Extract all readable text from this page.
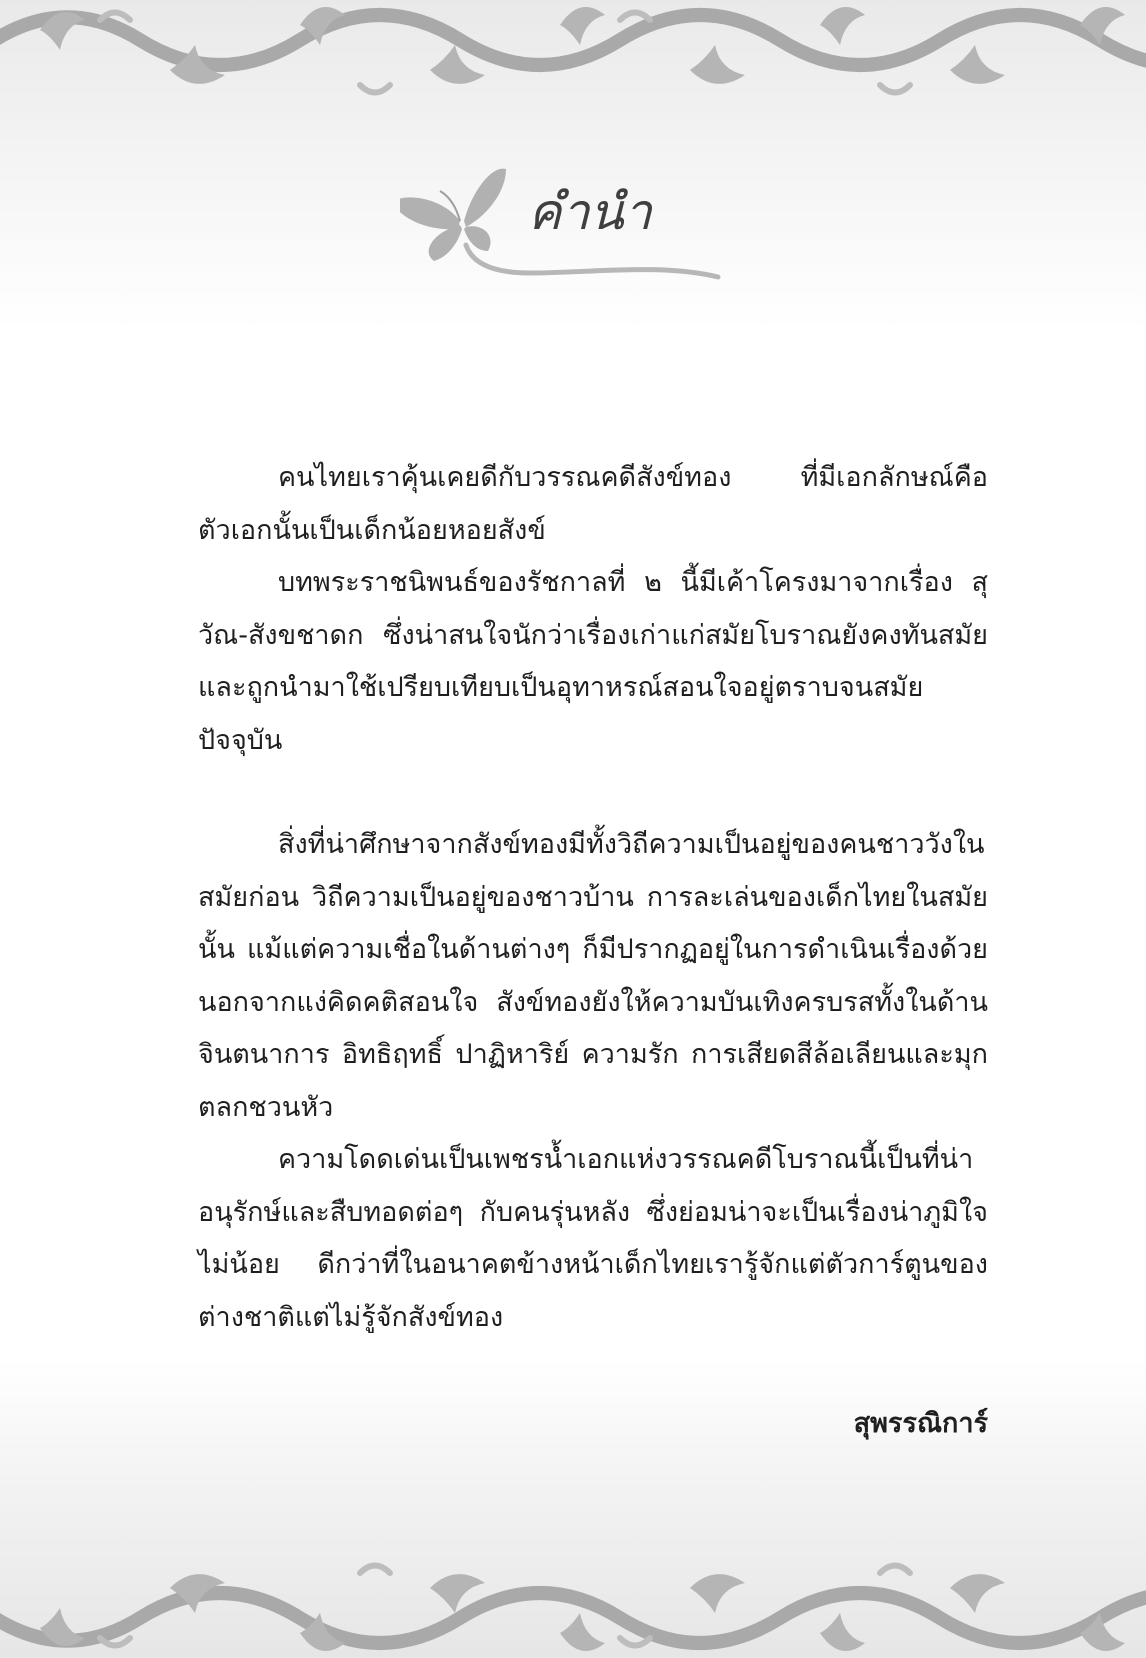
คำนำ

คนไทยเราคุ้นเคยดีกับวรรณคดีสังข์ทอง ที่มีเอกลักษณ์คือตัวเอกนั้นเป็นเด็กน้อยหอยสังข์

บทพระราชนิพนธ์ของรัชกาลที่ ๒ นี้มีเค้าโครงมาจากเรื่อง สุวัณ-สังขชาดก ซึ่งน่าสนใจนักว่าเรื่องเก่าแก่สมัยโบราณยังคงทันสมัย และถูกนำมาใช้เปรียบเทียบเป็นอุทาหรณ์สอนใจอยู่ตราบจนสมัยปัจจุบัน

สิ่งที่น่าศึกษาจากสังข์ทองมีทั้งวิถีความเป็นอยู่ของคนชาววังในสมัยก่อน วิถีความเป็นอยู่ของชาวบ้าน การละเล่นของเด็กไทยในสมัยนั้น แม้แต่ความเชื่อในด้านต่างๆ ก็มีปรากฏอยู่ในการดำเนินเรื่องด้วย นอกจากแง่คิดคติสอนใจ สังข์ทองยังให้ความบันเทิงครบรสทั้งในด้านจินตนาการ อิทธิฤทธิ์ ปาฏิหาริย์ ความรัก การเสียดสีล้อเลียนและมุกตลกชวนหัว

ความโดดเด่นเป็นเพชรน้ำเอกแห่งวรรณคดีโบราณนี้เป็นที่น่าอนุรักษ์และสืบทอดต่อๆ กับคนรุ่นหลัง ซึ่งย่อมน่าจะเป็นเรื่องน่าภูมิใจไม่น้อย ดีกว่าที่ในอนาคตข้างหน้าเด็กไทยเรารู้จักแต่ตัวการ์ตูนของต่างชาติแต่ไม่รู้จักสังข์ทอง

สุพรรณิการ์
